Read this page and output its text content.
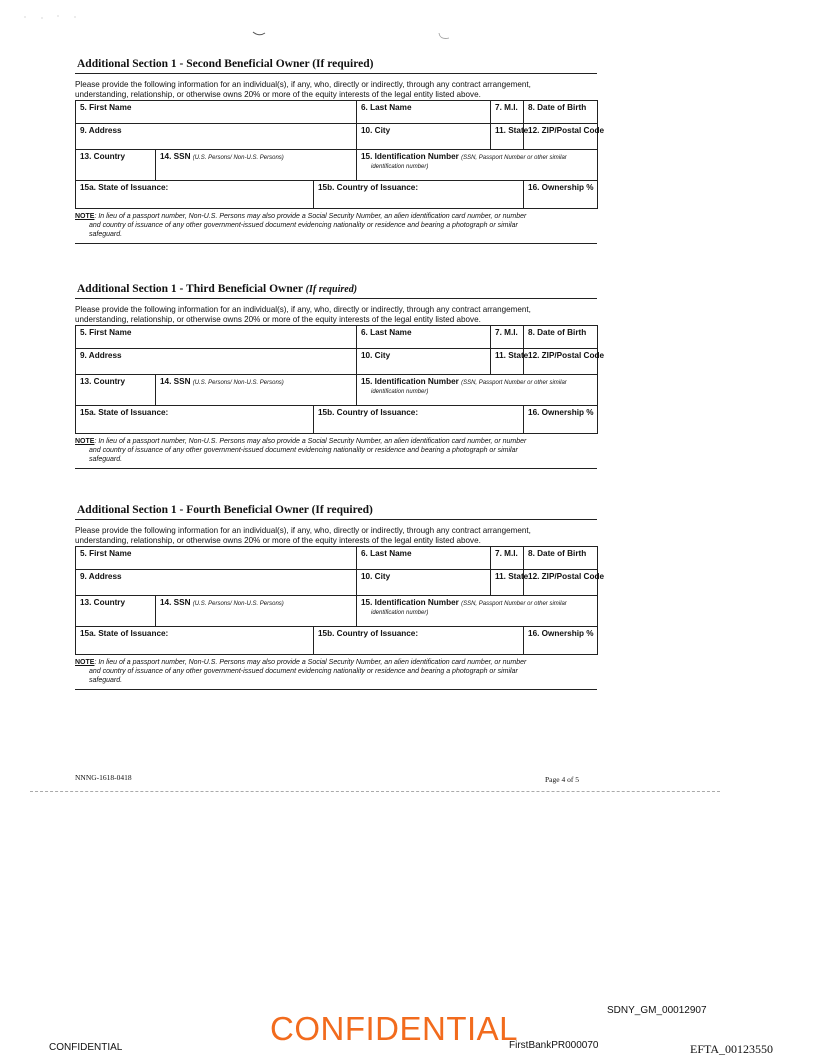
Additional Section 1 - Second Beneficial Owner (If required)
Please provide the following information for an individual(s), if any, who, directly or indirectly, through any contract arrangement,
understanding, relationship, or otherwise owns 20% or more of the equity interests of the legal entity listed above.
5. First Name			6. Last Name	7. M.I.	8. Date of Birth
9. Address			10. City	11. State	12. ZIP/Postal Code
13. Country	14. SSN (U.S. Persons/ Non-U.S. Persons)		15. Identification Number (SSN, Passport Number or other similar
identification number)		
15a. State of Issuance:		15b. Country of Issuance:			16. Ownership %
NOTE: In lieu of a passport number, Non-U.S. Persons may also provide a Social Security Number, an alien identification card number, or number
and country of issuance of any other government-issued document evidencing nationality or residence and bearing a photograph or similar
safeguard.
Additional Section 1 - Third Beneficial Owner (If required)
Please provide the following information for an individual(s), if any, who, directly or indirectly, through any contract arrangement,
understanding, relationship, or otherwise owns 20% or more of the equity interests of the legal entity listed above.
5. First Name			6. Last Name	7. M.I.	8. Date of Birth
9. Address			10. City	11. State	12. ZIP/Postal Code
13. Country	14. SSN (U.S. Persons/ Non-U.S. Persons)		15. Identification Number (SSN, Passport Number or other similar
identification number)		
15a. State of Issuance:		15b. Country of Issuance:			16. Ownership %
NOTE: In lieu of a passport number, Non-U.S. Persons may also provide a Social Security Number, an alien identification card number, or number
and country of issuance of any other government-issued document evidencing nationality or residence and bearing a photograph or similar
safeguard.
Additional Section 1 - Fourth Beneficial Owner (If required)
Please provide the following information for an individual(s), if any, who, directly or indirectly, through any contract arrangement,
understanding, relationship, or otherwise owns 20% or more of the equity interests of the legal entity listed above.
5. First Name			6. Last Name	7. M.I.	8. Date of Birth
9. Address			10. City	11. State	12. ZIP/Postal Code
13. Country	14. SSN (U.S. Persons/ Non-U.S. Persons)		15. Identification Number (SSN, Passport Number or other similar
identification number)		
15a. State of Issuance:		15b. Country of Issuance:			16. Ownership %
NOTE: In lieu of a passport number, Non-U.S. Persons may also provide a Social Security Number, an alien identification card number, or number
and country of issuance of any other government-issued document evidencing nationality or residence and bearing a photograph or similar
safeguard.
NNNG-1618-0418	Page 4 of 5
SDNY_GM_00012907
CONFIDENTIAL
CONFIDENTIAL	FirstBankPR000070	EFTA_00123550
